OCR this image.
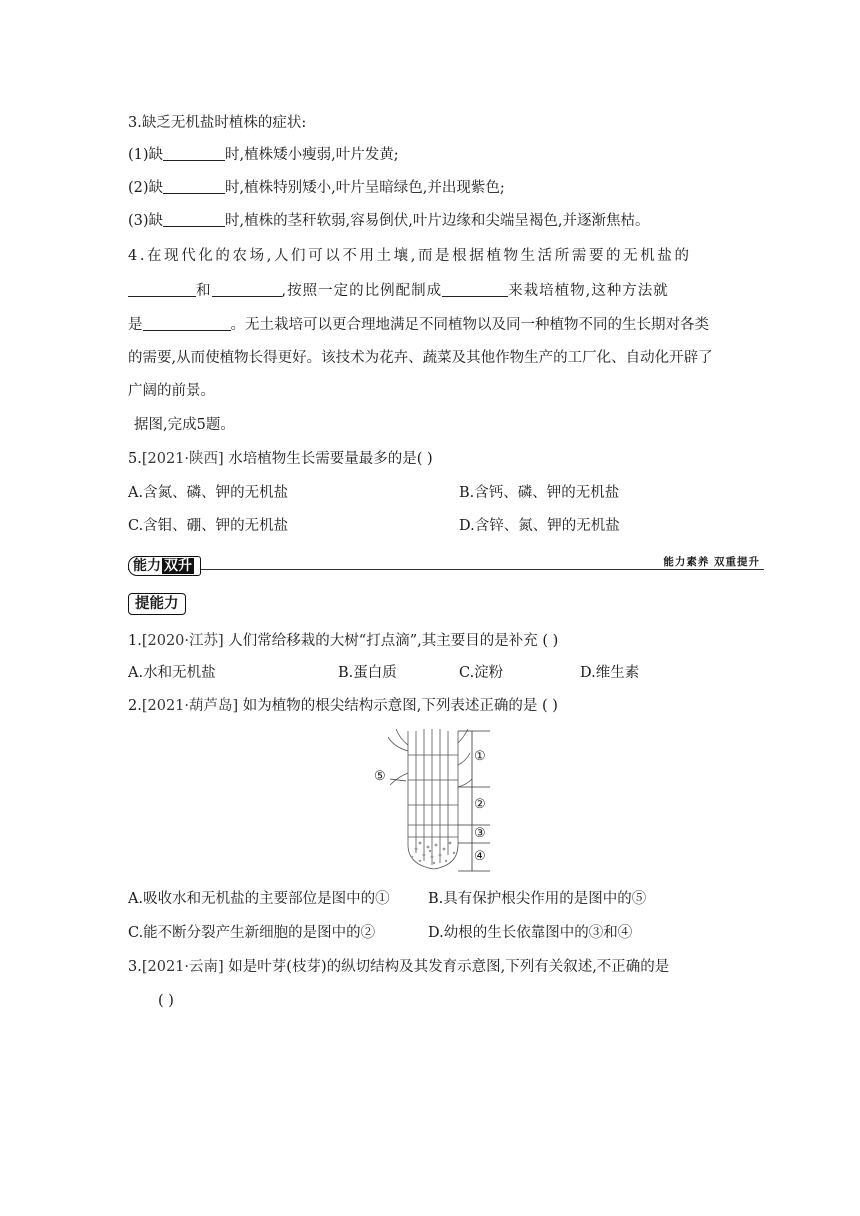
3.缺乏无机盐时植株的症状:
(1)缺	时,植株矮小瘦弱,叶片发黄;
(2)缺	时,植株特别矮小,叶片呈暗绿色,并出现紫色;
(3)缺	时,植株的茎秆软弱,容易倒伏,叶片边缘和尖端呈褐色,并逐渐焦枯。
4.在现代化的农场,人们可以不用土壤,而是根据植物生活所需要的无机盐的
和	,按照一定的比例配制成	来栽培植物,这种方法就
是	。无土栽培可以更合理地满足不同植物以及同一种植物不同的生长期对各类
的需要,从而使植物长得更好。该技术为花卉、蔬菜及其他作物生产的工厂化、自动化开辟了
广阔的前景。
据图,完成5题。
5.[2021·陕西] 水培植物生长需要量最多的是( )
A.含氮、磷、钾的无机盐	B.含钙、磷、钾的无机盐
C.含钼、硼、钾的无机盐	D.含锌、氮、钾的无机盐
能力 双升	能力素养 双重提升
提能力
1.[2020·江苏] 人们常给移栽的大树“打点滴”,其主要目的是补充 ( )
A.水和无机盐	B.蛋白质	C.淀粉	D.维生素
2.[2021·葫芦岛] 如为植物的根尖结构示意图,下列表述正确的是 ( )
①
②
③
④
⑤
A.吸收水和无机盐的主要部位是图中的①	B.具有保护根尖作用的是图中的⑤
C.能不断分裂产生新细胞的是图中的②	D.幼根的生长依靠图中的③和④
3.[2021·云南] 如是叶芽(枝芽)的纵切结构及其发育示意图,下列有关叙述,不正确的是
( )
